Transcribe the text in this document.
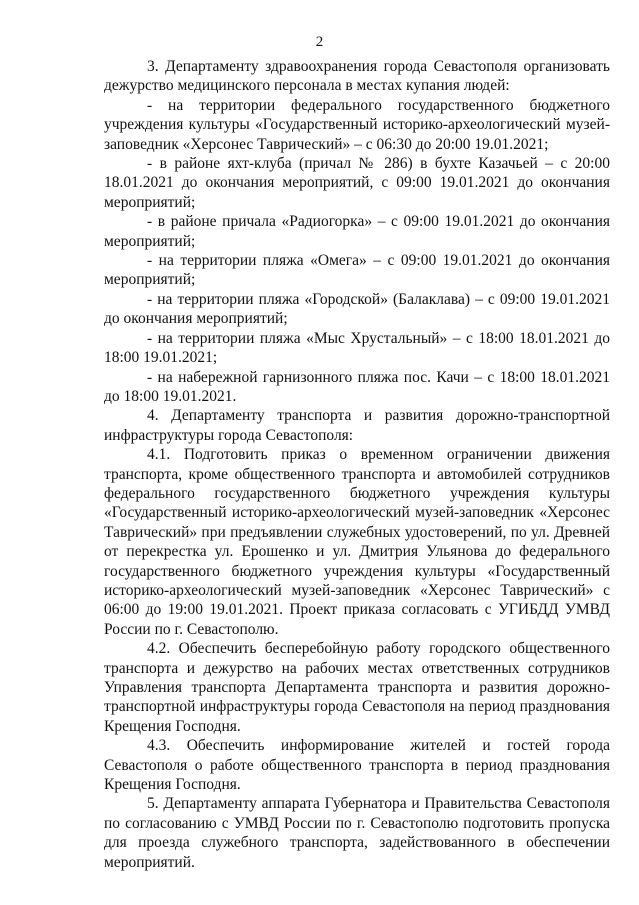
2

3. Департаменту здравоохранения города Севастополя организовать дежурство медицинского персонала в местах купания людей:

- на территории федерального государственного бюджетного учреждения культуры «Государственный историко-археологический музей-заповедник «Херсонес Таврический» – с 06:30 до 20:00 19.01.2021;

- в районе яхт-клуба (причал № 286) в бухте Казачьей – с 20:00 18.01.2021 до окончания мероприятий, с 09:00 19.01.2021 до окончания мероприятий;

- в районе причала «Радиогорка» – с 09:00 19.01.2021 до окончания мероприятий;

- на территории пляжа «Омега» – с 09:00 19.01.2021 до окончания мероприятий;

- на территории пляжа «Городской» (Балаклава) – с 09:00 19.01.2021 до окончания мероприятий;

- на территории пляжа «Мыс Хрустальный» – с 18:00 18.01.2021 до 18:00 19.01.2021;

- на набережной гарнизонного пляжа пос. Качи – с 18:00 18.01.2021 до 18:00 19.01.2021.

4. Департаменту транспорта и развития дорожно-транспортной инфраструктуры города Севастополя:

4.1. Подготовить приказ о временном ограничении движения транспорта, кроме общественного транспорта и автомобилей сотрудников федерального государственного бюджетного учреждения культуры «Государственный историко-археологический музей-заповедник «Херсонес Таврический» при предъявлении служебных удостоверений, по ул. Древней от перекрестка ул. Ерошенко и ул. Дмитрия Ульянова до федерального государственного бюджетного учреждения культуры «Государственный историко-археологический музей-заповедник «Херсонес Таврический» с 06:00 до 19:00 19.01.2021. Проект приказа согласовать с УГИБДД УМВД России по г. Севастополю.

4.2. Обеспечить бесперебойную работу городского общественного транспорта и дежурство на рабочих местах ответственных сотрудников Управления транспорта Департамента транспорта и развития дорожно-транспортной инфраструктуры города Севастополя на период празднования Крещения Господня.

4.3. Обеспечить информирование жителей и гостей города Севастополя о работе общественного транспорта в период празднования Крещения Господня.

5. Департаменту аппарата Губернатора и Правительства Севастополя по согласованию с УМВД России по г. Севастополю подготовить пропуска для проезда служебного транспорта, задействованного в обеспечении мероприятий.
